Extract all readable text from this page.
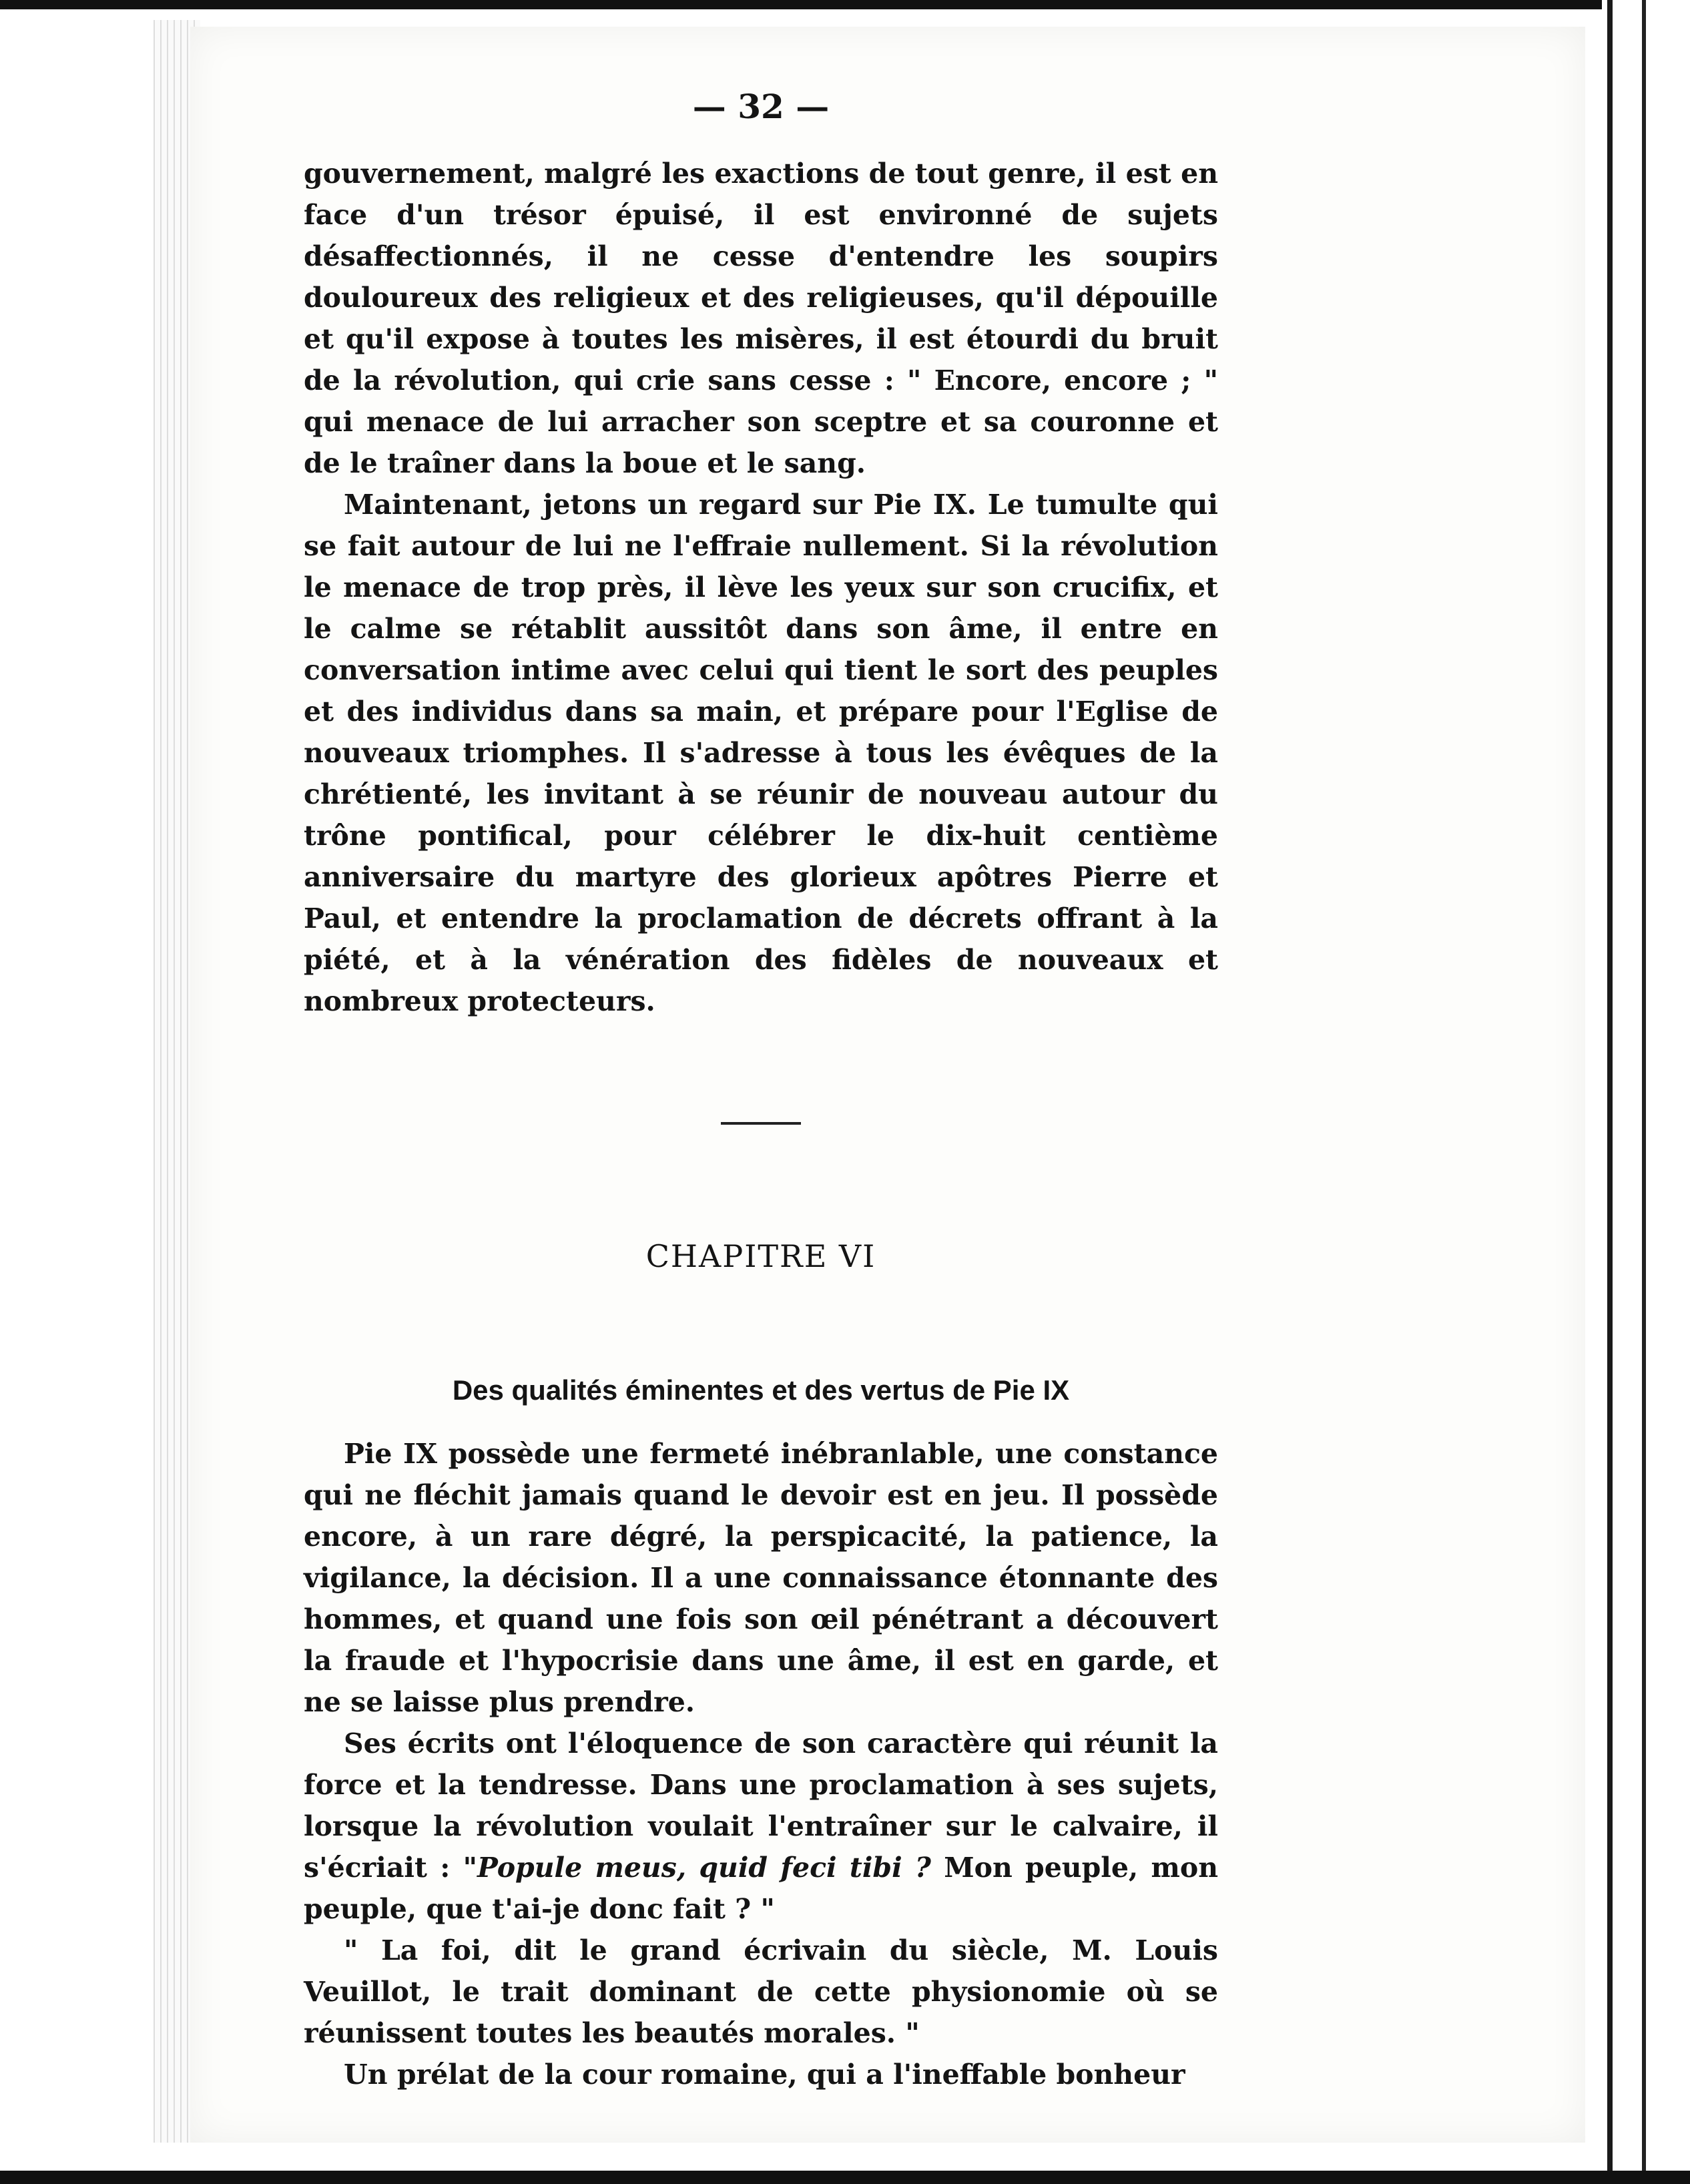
— 32 —

gouvernement, malgré les exactions de tout genre, il est en face d'un trésor épuisé, il est environné de sujets désaffectionnés, il ne cesse d'entendre les soupirs douloureux des religieux et des religieuses, qu'il dépouille et qu'il expose à toutes les misères, il est étourdi du bruit de la révolution, qui crie sans cesse : " Encore, encore ; " qui menace de lui arracher son sceptre et sa couronne et de le traîner dans la boue et le sang.

Maintenant, jetons un regard sur Pie IX. Le tumulte qui se fait autour de lui ne l'effraie nullement. Si la révolution le menace de trop près, il lève les yeux sur son crucifix, et le calme se rétablit aussitôt dans son âme, il entre en conversation intime avec celui qui tient le sort des peuples et des individus dans sa main, et prépare pour l'Eglise de nouveaux triomphes. Il s'adresse à tous les évêques de la chrétienté, les invitant à se réunir de nouveau autour du trône pontifical, pour célébrer le dix-huit centième anniversaire du martyre des glorieux apôtres Pierre et Paul, et entendre la proclamation de décrets offrant à la piété, et à la vénération des fidèles de nouveaux et nombreux protecteurs.

CHAPITRE VI
Des qualités éminentes et des vertus de Pie IX

Pie IX possède une fermeté inébranlable, une constance qui ne fléchit jamais quand le devoir est en jeu. Il possède encore, à un rare dégré, la perspicacité, la patience, la vigilance, la décision. Il a une connaissance étonnante des hommes, et quand une fois son œil pénétrant a découvert la fraude et l'hypocrisie dans une âme, il est en garde, et ne se laisse plus prendre.

Ses écrits ont l'éloquence de son caractère qui réunit la force et la tendresse. Dans une proclamation à ses sujets, lorsque la révolution voulait l'entraîner sur le calvaire, il s'écriait : "Popule meus, quid feci tibi ? Mon peuple, mon peuple, que t'ai-je donc fait ? "

" La foi, dit le grand écrivain du siècle, M. Louis Veuillot, le trait dominant de cette physionomie où se réunissent toutes les beautés morales. "

Un prélat de la cour romaine, qui a l'ineffable bonheur
